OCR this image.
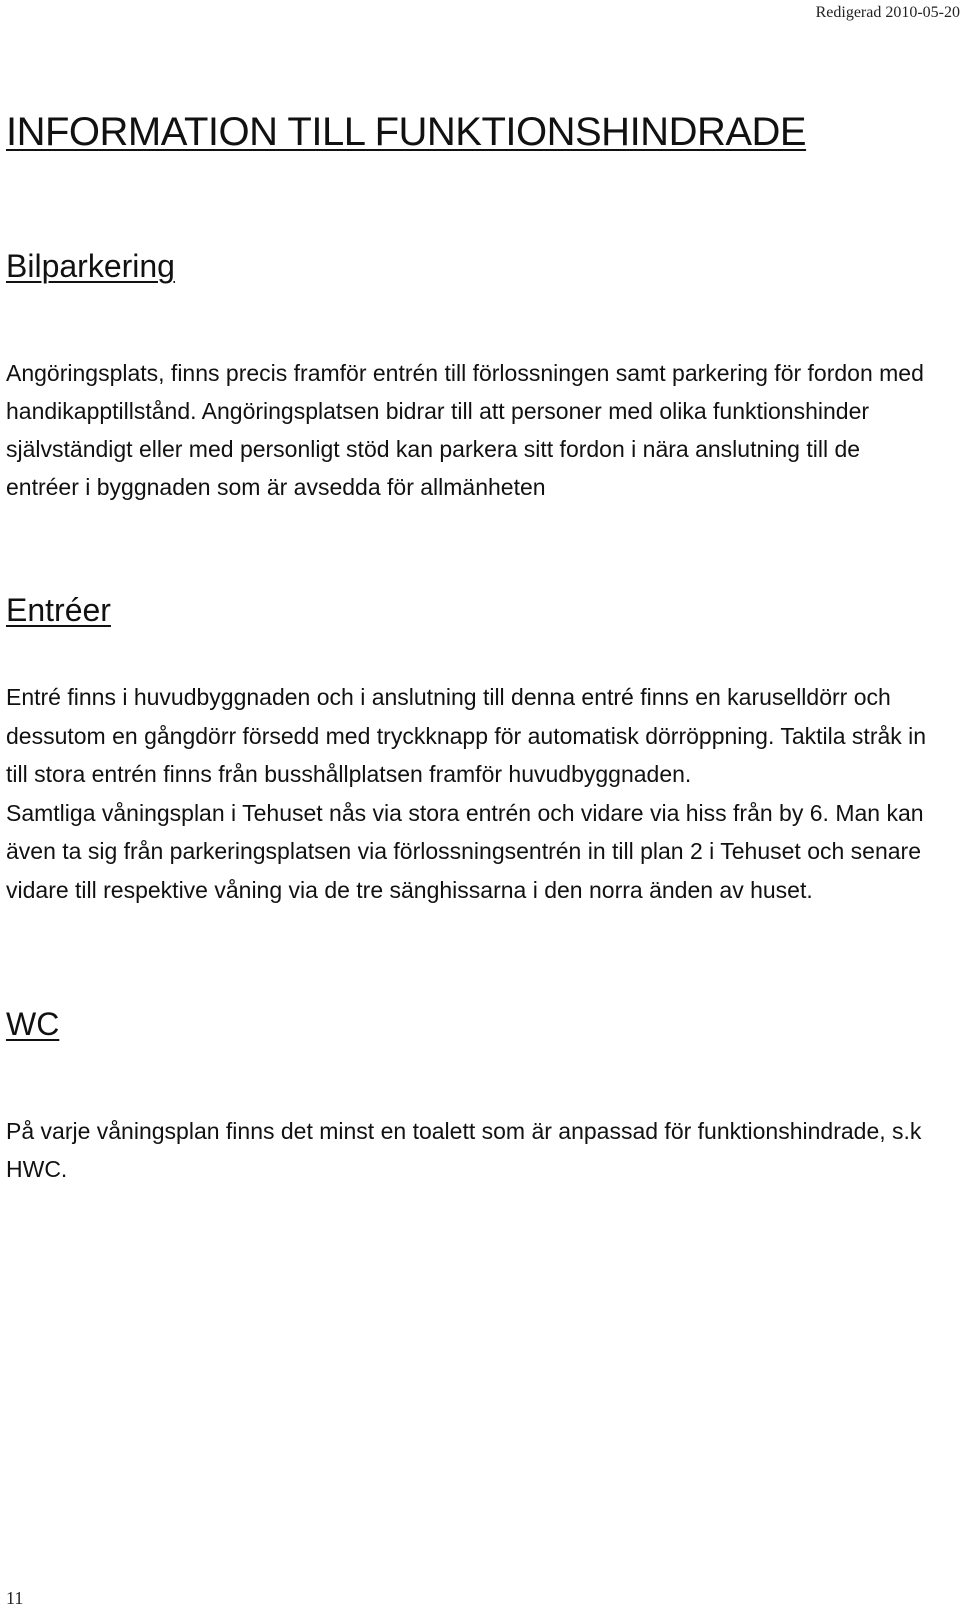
Redigerad 2010-05-20
INFORMATION TILL FUNKTIONSHINDRADE
Bilparkering

Angöringsplats, finns precis framför entrén till förlossningen samt parkering för fordon med handikapptillstånd. Angöringsplatsen bidrar till att personer med olika funktionshinder självständigt eller med personligt stöd kan parkera sitt fordon i nära anslutning till de entréer i byggnaden som är avsedda för allmänheten

Entréer
Entré finns i huvudbyggnaden och i anslutning till denna entré finns en karuselldörr och dessutom en gångdörr försedd med tryckknapp för automatisk dörröppning. Taktila stråk in till stora entrén finns från busshållplatsen framför huvudbyggnaden.
Samtliga våningsplan i Tehuset nås via stora entrén och vidare via hiss från by 6. Man kan även ta sig från parkeringsplatsen via förlossningsentrén in till plan 2 i Tehuset och senare vidare till respektive våning via de tre sänghissarna i den norra änden av huset.
WC

På varje våningsplan finns det minst en toalett som är anpassad för funktionshindrade, s.k HWC.

11
